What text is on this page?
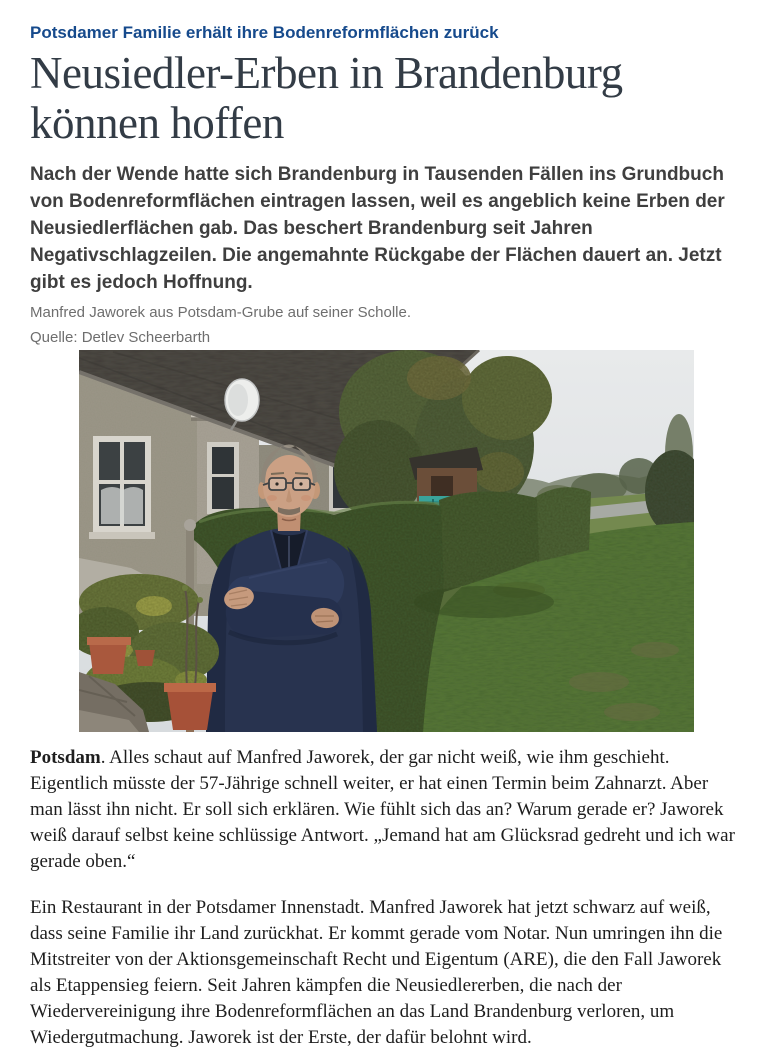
Potsdamer Familie erhält ihre Bodenreformflächen zurück
Neusiedler-Erben in Brandenburg können hoffen

Nach der Wende hatte sich Brandenburg in Tausenden Fällen ins Grundbuch von Bodenreformflächen eintragen lassen, weil es angeblich keine Erben der Neusiedlerflächen gab. Das beschert Brandenburg seit Jahren Negativschlagzeilen. Die angemahnte Rückgabe der Flächen dauert an. Jetzt gibt es jedoch Hoffnung.

Manfred Jaworek aus Potsdam-Grube auf seiner Scholle.

Quelle: Detlev Scheerbarth

Potsdam. Alles schaut auf Manfred Jaworek, der gar nicht weiß, wie ihm geschieht. Eigentlich müsste der 57-Jährige schnell weiter, er hat einen Termin beim Zahnarzt. Aber man lässt ihn nicht. Er soll sich erklären. Wie fühlt sich das an? Warum gerade er? Jaworek weiß darauf selbst keine schlüssige Antwort. „Jemand hat am Glücksrad gedreht und ich war gerade oben.“

Ein Restaurant in der Potsdamer Innenstadt. Manfred Jaworek hat jetzt schwarz auf weiß, dass seine Familie ihr Land zurückhat. Er kommt gerade vom Notar. Nun umringen ihn die Mitstreiter von der Aktionsgemeinschaft Recht und Eigentum (ARE), die den Fall Jaworek als Etappensieg feiern. Seit Jahren kämpfen die Neusiedlererben, die nach der Wiedervereinigung ihre Bodenreformflächen an das Land Brandenburg verloren, um Wiedergutmachung. Jaworek ist der Erste, der dafür belohnt wird.
